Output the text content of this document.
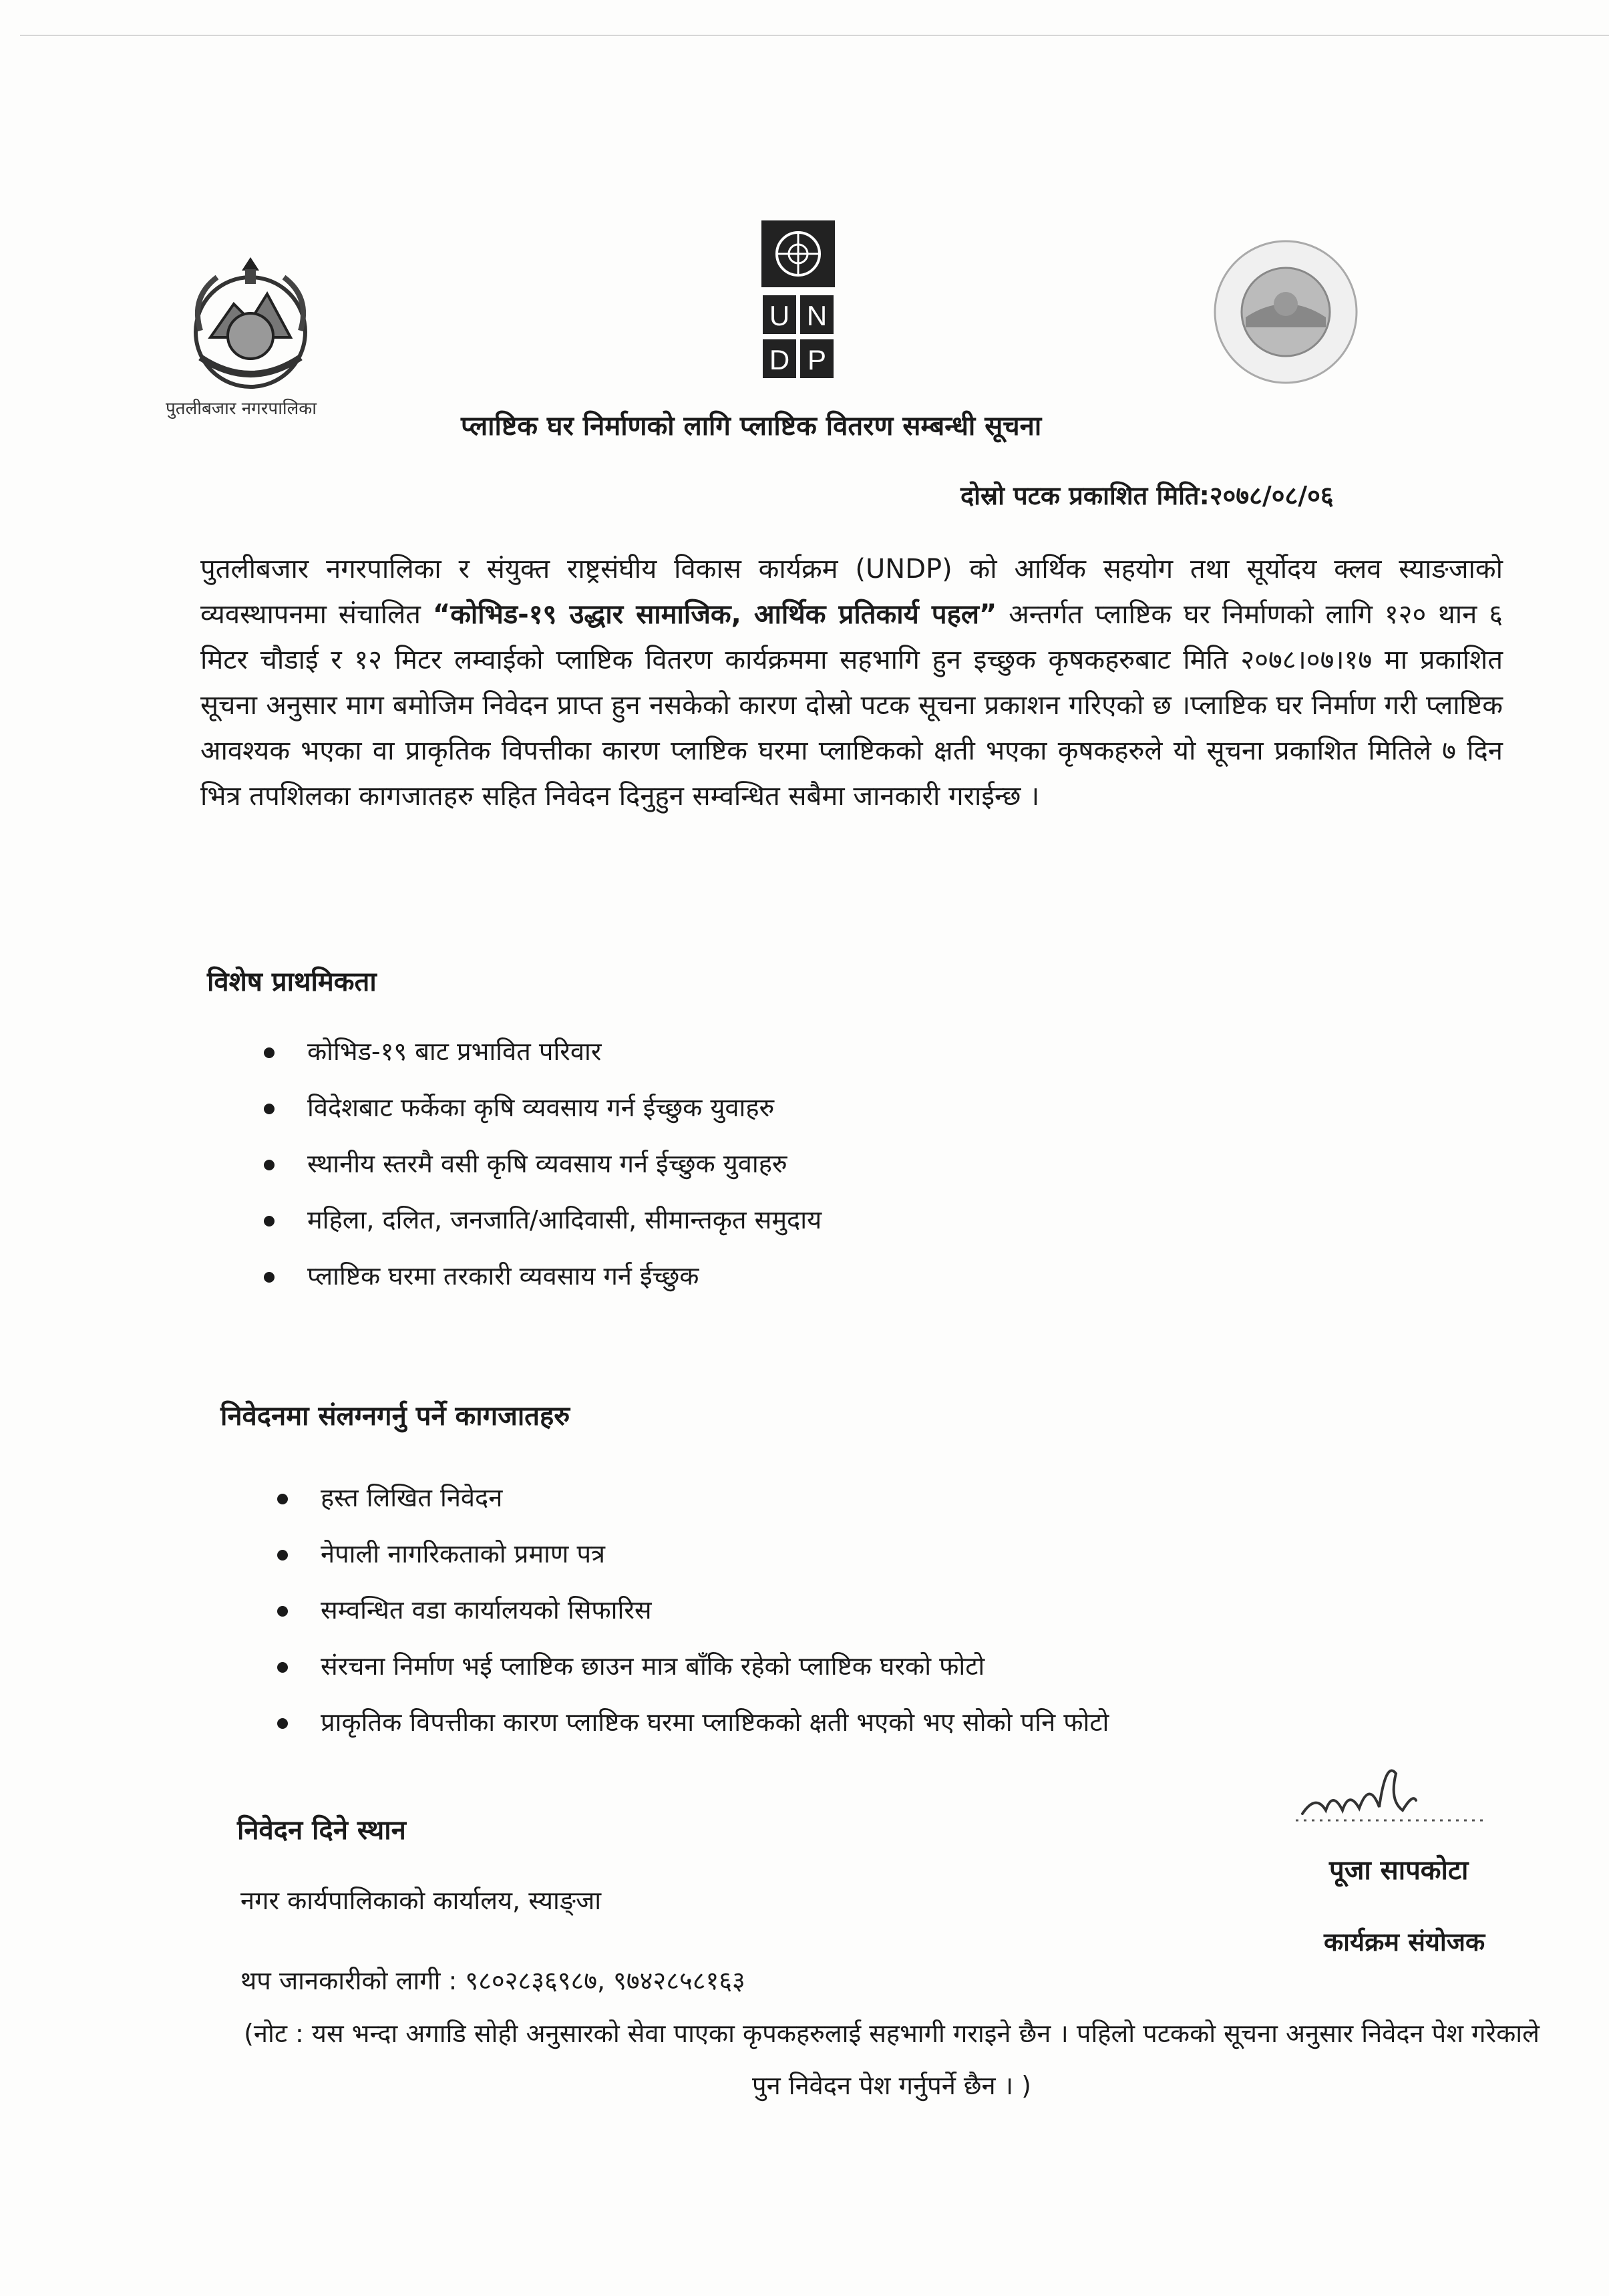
U N
D P
पुतलीबजार नगरपालिका
प्लाष्टिक घर निर्माणको लागि प्लाष्टिक वितरण सम्बन्धी सूचना
दोस्रो पटक प्रकाशित मिति:२०७८/०८/०६
पुतलीबजार नगरपालिका र संयुक्त राष्ट्रसंघीय विकास कार्यक्रम (UNDP) को आर्थिक सहयोग तथा सूर्योदय क्लव स्याङजाको व्यवस्थापनमा संचालित “कोभिड-१९ उद्धार सामाजिक, आर्थिक प्रतिकार्य पहल” अन्तर्गत प्लाष्टिक घर निर्माणको लागि १२० थान ६ मिटर चौडाई र १२ मिटर लम्वाईको प्लाष्टिक वितरण कार्यक्रममा सहभागि हुन इच्छुक कृषकहरुबाट मिति २०७८।०७।१७ मा प्रकाशित सूचना अनुसार माग बमोजिम निवेदन प्राप्त हुन नसकेको कारण दोस्रो पटक सूचना प्रकाशन गरिएको छ ।प्लाष्टिक घर निर्माण गरी प्लाष्टिक आवश्यक भएका वा प्राकृतिक विपत्तीका कारण प्लाष्टिक घरमा प्लाष्टिकको क्षती भएका कृषकहरुले यो सूचना प्रकाशित मितिले ७ दिन भित्र तपशिलका कागजातहरु सहित निवेदन दिनुहुन सम्वन्धित सबैमा जानकारी गराईन्छ ।
विशेष प्राथमिकता
कोभिड-१९ बाट प्रभावित परिवार
विदेशबाट फर्केका कृषि व्यवसाय गर्न ईच्छुक युवाहरु
स्थानीय स्तरमै वसी कृषि व्यवसाय गर्न ईच्छुक युवाहरु
महिला, दलित, जनजाति/आदिवासी, सीमान्तकृत समुदाय
प्लाष्टिक घरमा तरकारी व्यवसाय गर्न ईच्छुक
निवेदनमा संलग्नगर्नु पर्ने कागजातहरु
हस्त लिखित निवेदन
नेपाली नागरिकताको प्रमाण पत्र
सम्वन्धित वडा कार्यालयको सिफारिस
संरचना निर्माण भई प्लाष्टिक छाउन मात्र बाँकि रहेको प्लाष्टिक घरको फोटो
प्राकृतिक विपत्तीका कारण प्लाष्टिक घरमा प्लाष्टिकको क्षती भएको भए सोको पनि फोटो
निवेदन दिने स्थान
नगर कार्यपालिकाको कार्यालय, स्याङ्जा
थप जानकारीको लागी : ९८०२८३६९८७, ९७४२८५८१६३
पूजा सापकोटा
कार्यक्रम संयोजक
(नोट : यस भन्दा अगाडि सोही अनुसारको सेवा पाएका कृपकहरुलाई सहभागी गराइने छैन । पहिलो पटकको सूचना अनुसार निवेदन पेश गरेकाले पुन निवेदन पेश गर्नुपर्ने छैन । )
